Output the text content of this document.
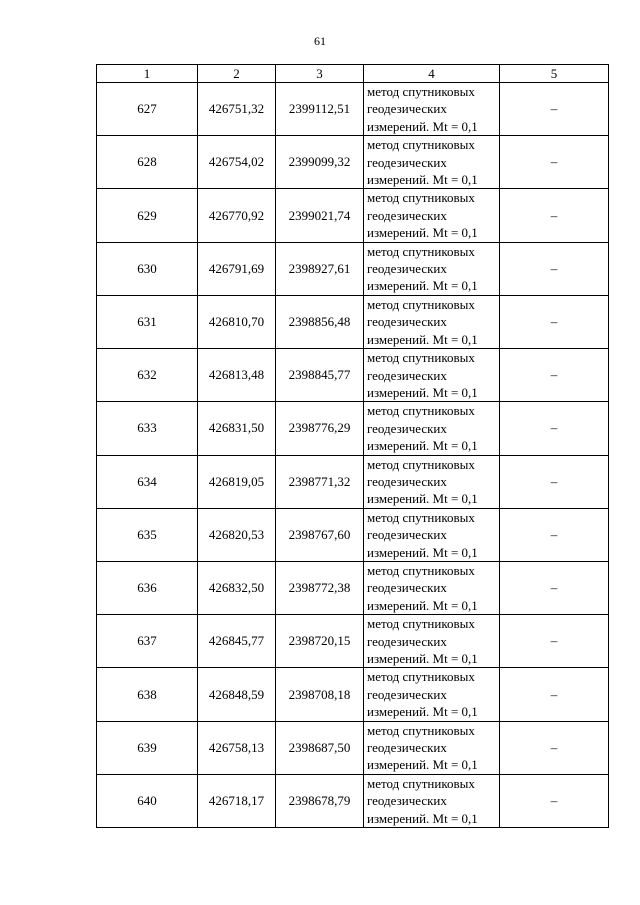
61
1	2	3	4	5
627	426751,32	2399112,51	метод спутниковых
геодезических
измерений. Mt = 0,1	–
628	426754,02	2399099,32	метод спутниковых
геодезических
измерений. Mt = 0,1	–
629	426770,92	2399021,74	метод спутниковых
геодезических
измерений. Mt = 0,1	–
630	426791,69	2398927,61	метод спутниковых
геодезических
измерений. Mt = 0,1	–
631	426810,70	2398856,48	метод спутниковых
геодезических
измерений. Mt = 0,1	–
632	426813,48	2398845,77	метод спутниковых
геодезических
измерений. Mt = 0,1	–
633	426831,50	2398776,29	метод спутниковых
геодезических
измерений. Mt = 0,1	–
634	426819,05	2398771,32	метод спутниковых
геодезических
измерений. Mt = 0,1	–
635	426820,53	2398767,60	метод спутниковых
геодезических
измерений. Mt = 0,1	–
636	426832,50	2398772,38	метод спутниковых
геодезических
измерений. Mt = 0,1	–
637	426845,77	2398720,15	метод спутниковых
геодезических
измерений. Mt = 0,1	–
638	426848,59	2398708,18	метод спутниковых
геодезических
измерений. Mt = 0,1	–
639	426758,13	2398687,50	метод спутниковых
геодезических
измерений. Mt = 0,1	–
640	426718,17	2398678,79	метод спутниковых
геодезических
измерений. Mt = 0,1	–
